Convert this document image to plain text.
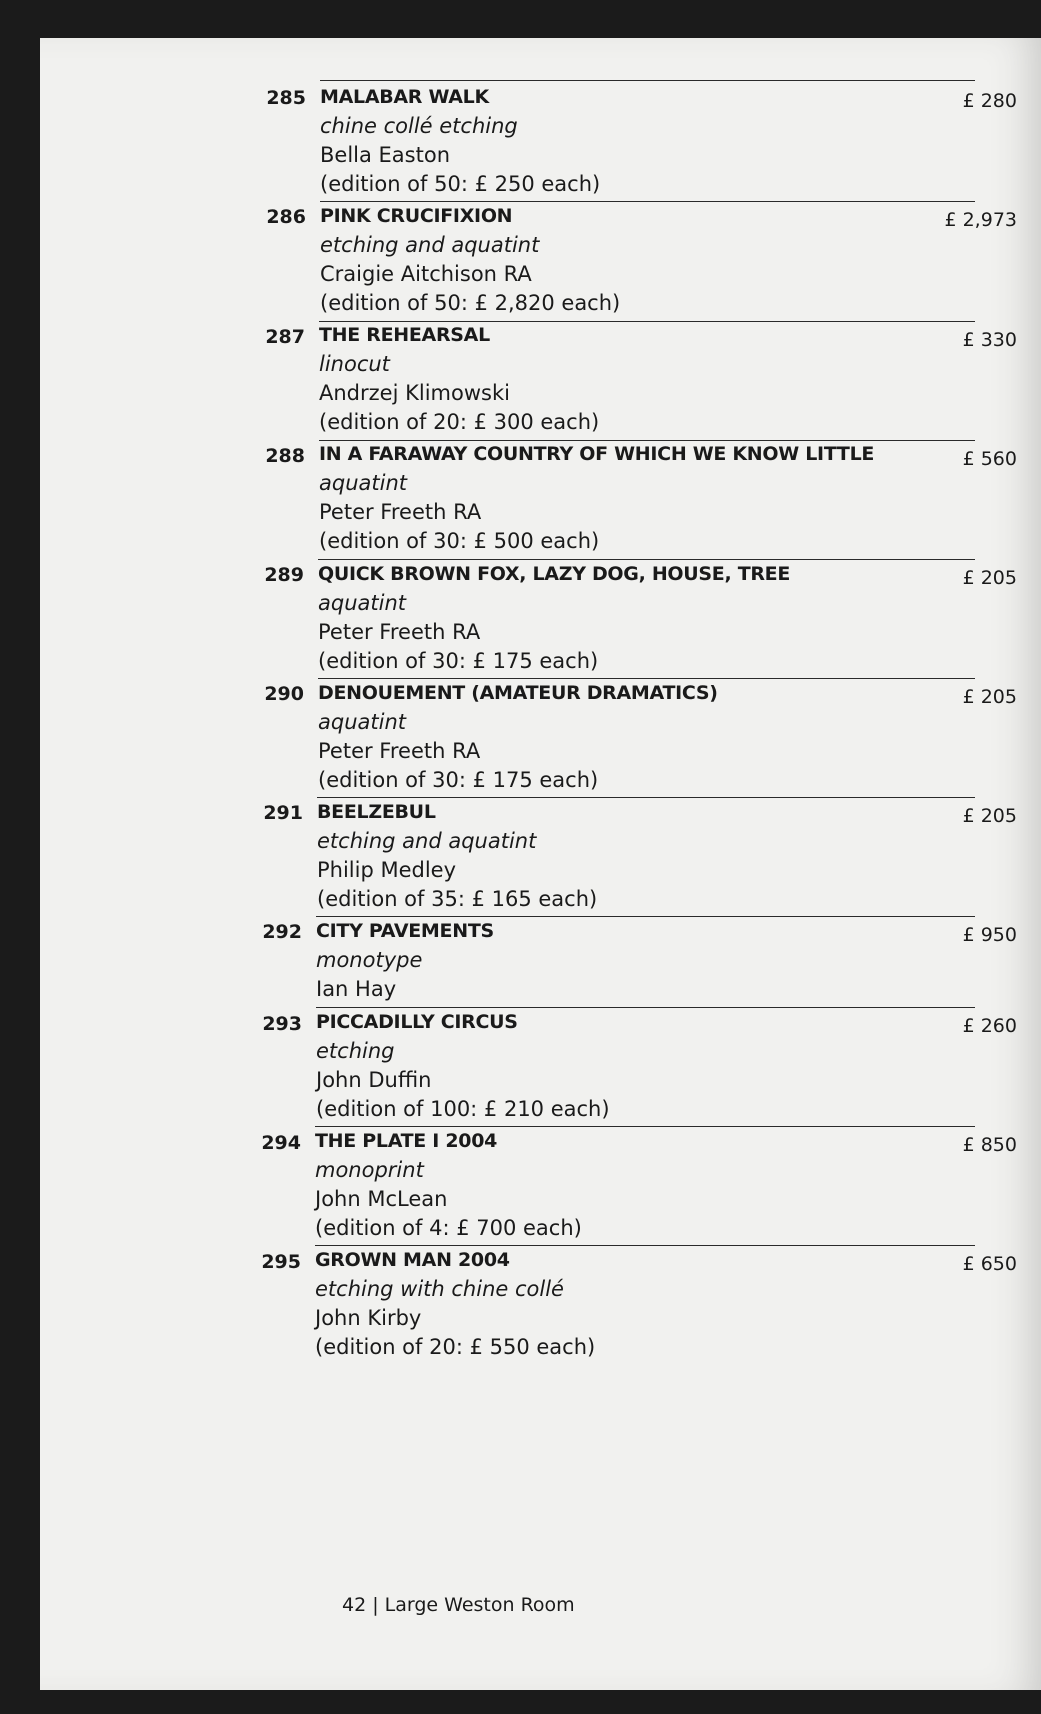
285 MALABAR WALK
chine collé etching
Bella Easton
(edition of 50: £ 250 each)
£ 280
286 PINK CRUCIFIXION
etching and aquatint
Craigie Aitchison RA
(edition of 50: £ 2,820 each)
£ 2,973
287 THE REHEARSAL
linocut
Andrzej Klimowski
(edition of 20: £ 300 each)
£ 330
288 IN A FARAWAY COUNTRY OF WHICH WE KNOW LITTLE
aquatint
Peter Freeth RA
(edition of 30: £ 500 each)
£ 560
289 QUICK BROWN FOX, LAZY DOG, HOUSE, TREE
aquatint
Peter Freeth RA
(edition of 30: £ 175 each)
£ 205
290 DENOUEMENT (AMATEUR DRAMATICS)
aquatint
Peter Freeth RA
(edition of 30: £ 175 each)
£ 205
291 BEELZEBUL
etching and aquatint
Philip Medley
(edition of 35: £ 165 each)
£ 205
292 CITY PAVEMENTS
monotype
Ian Hay
£ 950
293 PICCADILLY CIRCUS
etching
John Duffin
(edition of 100: £ 210 each)
£ 260
294 THE PLATE I 2004
monoprint
John McLean
(edition of 4: £ 700 each)
£ 850
295 GROWN MAN 2004
etching with chine collé
John Kirby
(edition of 20: £ 550 each)
£ 650
42 | Large Weston Room
